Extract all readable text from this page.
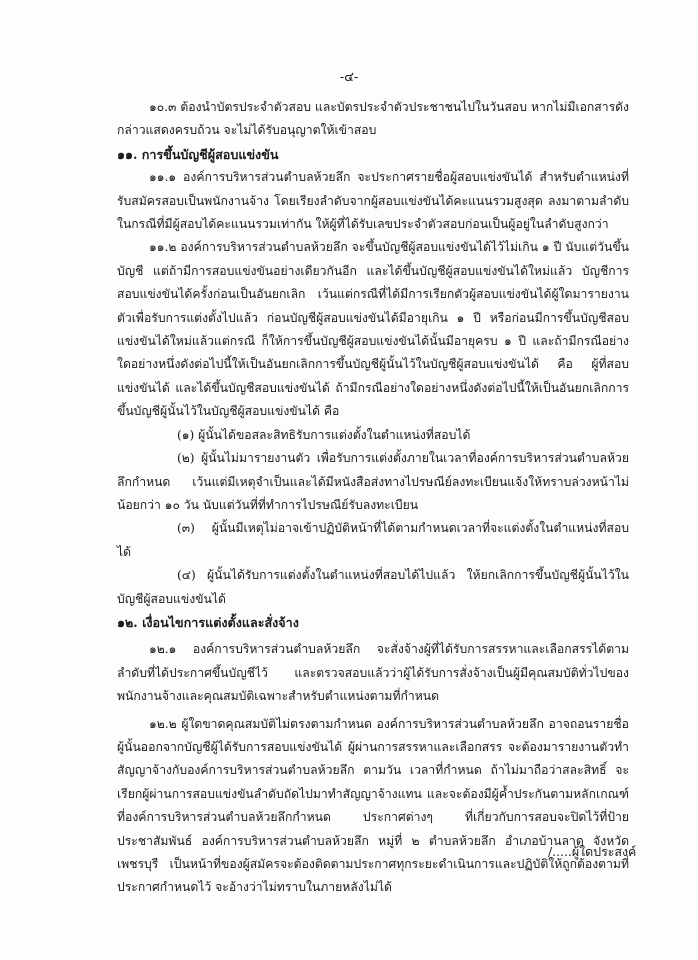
-๔-

๑๐.๓ ต้องนำบัตรประจำตัวสอบ และบัตรประจำตัวประชาชนไปในวันสอบ หากไม่มีเอกสารดังกล่าวแสดงครบถ้วน จะไม่ได้รับอนุญาตให้เข้าสอบ

๑๑. การขึ้นบัญชีผู้สอบแข่งขัน

๑๑.๑ องค์การบริหารส่วนตำบลห้วยลึก จะประกาศรายชื่อผู้สอบแข่งขันได้ สำหรับตำแหน่งที่รับสมัครสอบเป็นพนักงานจ้าง โดยเรียงลำดับจากผู้สอบแข่งขันได้คะแนนรวมสูงสุด ลงมาตามลำดับในกรณีที่มีผู้สอบได้คะแนนรวมเท่ากัน ให้ผู้ที่ได้รับเลขประจำตัวสอบก่อนเป็นผู้อยู่ในลำดับสูงกว่า

๑๑.๒ องค์การบริหารส่วนตำบลห้วยลึก จะขึ้นบัญชีผู้สอบแข่งขันได้ไว้ไม่เกิน ๑ ปี นับแต่วันขึ้นบัญชี แต่ถ้ามีการสอบแข่งขันอย่างเดียวกันอีก และได้ขึ้นบัญชีผู้สอบแข่งขันได้ใหม่แล้ว บัญชีการสอบแข่งขันได้ครั้งก่อนเป็นอันยกเลิก เว้นแต่กรณีที่ได้มีการเรียกตัวผู้สอบแข่งขันได้ผู้ใดมารายงานตัวเพื่อรับการแต่งตั้งไปแล้ว ก่อนบัญชีผู้สอบแข่งขันได้มีอายุเกิน ๑ ปี หรือก่อนมีการขึ้นบัญชีสอบแข่งขันได้ใหม่แล้วแต่กรณี ก็ให้การขึ้นบัญชีผู้สอบแข่งขันได้นั้นมีอายุครบ ๑ ปี และถ้ามีกรณีอย่างใดอย่างหนึ่งดังต่อไปนี้ให้เป็นอันยกเลิกการขึ้นบัญชีผู้นั้นไว้ในบัญชีผู้สอบแข่งขันได้ คือ ผู้ที่สอบแข่งขันได้ และได้ขึ้นบัญชีสอบแข่งขันได้ ถ้ามีกรณีอย่างใดอย่างหนึ่งดังต่อไปนี้ให้เป็นอันยกเลิกการขึ้นบัญชีผู้นั้นไว้ในบัญชีผู้สอบแข่งขันได้ คือ

(๑) ผู้นั้นได้ขอสละสิทธิรับการแต่งตั้งในตำแหน่งที่สอบได้

(๒) ผู้นั้นไม่มารายงานตัว เพื่อรับการแต่งตั้งภายในเวลาที่องค์การบริหารส่วนตำบลห้วยลึกกำหนด เว้นแต่มีเหตุจำเป็นและได้มีหนังสือส่งทางไปรษณีย์ลงทะเบียนแจ้งให้ทราบล่วงหน้าไม่น้อยกว่า ๑๐ วัน นับแต่วันที่ที่ทำการไปรษณีย์รับลงทะเบียน

(๓) ผู้นั้นมีเหตุไม่อาจเข้าปฏิบัติหน้าที่ได้ตามกำหนดเวลาที่จะแต่งตั้งในตำแหน่งที่สอบได้

(๔) ผู้นั้นได้รับการแต่งตั้งในตำแหน่งที่สอบได้ไปแล้ว ให้ยกเลิกการขึ้นบัญชีผู้นั้นไว้ในบัญชีผู้สอบแข่งขันได้

๑๒. เงื่อนไขการแต่งตั้งและสั่งจ้าง

๑๒.๑ องค์การบริหารส่วนตำบลห้วยลึก จะสั่งจ้างผู้ที่ได้รับการสรรหาและเลือกสรรได้ตามลำดับที่ได้ประกาศขึ้นบัญชีไว้ และตรวจสอบแล้วว่าผู้ได้รับการสั่งจ้างเป็นผู้มีคุณสมบัติทั่วไปของพนักงานจ้างและคุณสมบัติเฉพาะสำหรับตำแหน่งตามที่กำหนด

๑๒.๒ ผู้ใดขาดคุณสมบัติไม่ตรงตามกำหนด องค์การบริหารส่วนตำบลห้วยลึก อาจถอนรายชื่อผู้นั้นออกจากบัญชีผู้ได้รับการสอบแข่งขันได้ ผู้ผ่านการสรรหาและเลือกสรร จะต้องมารายงานตัวทำสัญญาจ้างกับองค์การบริหารส่วนตำบลห้วยลึก ตามวัน เวลาที่กำหนด ถ้าไม่มาถือว่าสละสิทธิ์ จะเรียกผู้ผ่านการสอบแข่งขันลำดับถัดไปมาทำสัญญาจ้างแทน และจะต้องมีผู้ค้ำประกันตามหลักเกณฑ์ที่องค์การบริหารส่วนตำบลห้วยลึกกำหนด ประกาศต่างๆ ที่เกี่ยวกับการสอบจะปิดไว้ที่ป้ายประชาสัมพันธ์ องค์การบริหารส่วนตำบลห้วยลึก หมู่ที่ ๒ ตำบลห้วยลึก อำเภอบ้านลาด จังหวัดเพชรบุรี เป็นหน้าที่ของผู้สมัครจะต้องติดตามประกาศทุกระยะดำเนินการและปฏิบัติให้ถูกต้องตามที่ประกาศกำหนดไว้ จะอ้างว่าไม่ทราบในภายหลังไม่ได้

/.....ผู้ใดประสงค์
